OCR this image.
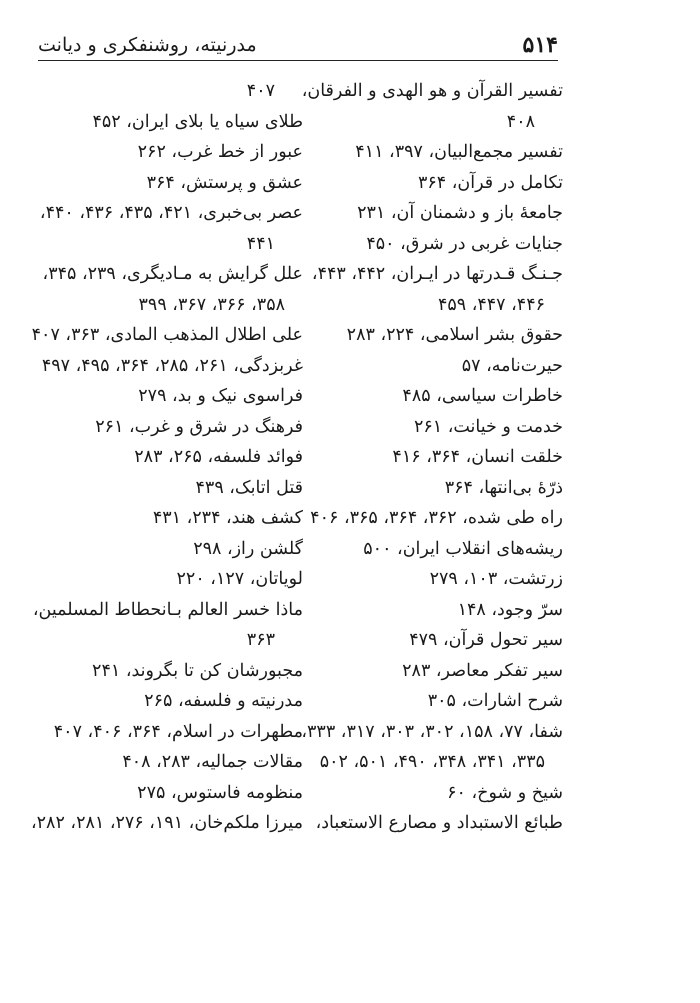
۵۱۴
مدرنیته، روشنفکری و دیانت
تفسیر القرآن و هو الهدی و الفرقان،
۴۰۸
تفسیر مجمع‌البیان، ۳۹۷، ۴۱۱
تکامل در قرآن، ۳۶۴
جامعهٔ باز و دشمنان آن، ۲۳۱
جنایات غربی در شرق، ۴۵۰
جـنـگ قـدرتها در ایـران، ۴۴۲، ۴۴۳،
۴۴۶، ۴۴۷، ۴۵۹
حقوق بشر اسلامی، ۲۲۴، ۲۸۳
حیرت‌نامه، ۵۷
خاطرات سیاسی، ۴۸۵
خدمت و خیانت، ۲۶۱
خلقت انسان، ۳۶۴، ۴۱۶
ذرّهٔ بی‌انتها، ۳۶۴
راه طی شده، ۳۶۲، ۳۶۴، ۳۶۵، ۴۰۶
ریشه‌های انقلاب ایران، ۵۰۰
زرتشت، ۱۰۳، ۲۷۹
سرّ وجود، ۱۴۸
سیر تحول قرآن، ۴۷۹
سیر تفکر معاصر، ۲۸۳
شرح اشارات، ۳۰۵
شفا، ۷۷، ۱۵۸، ۳۰۲، ۳۰۳، ۳۱۷، ۳۳۳،
۳۳۵، ۳۴۱، ۳۴۸، ۴۹۰، ۵۰۱، ۵۰۲
شیخ و شوخ، ۶۰
طبائع الاستبداد و مصارع الاستعباد،
۴۰۷
طلای سیاه یا بلای ایران، ۴۵۲
عبور از خط غرب، ۲۶۲
عشق و پرستش، ۳۶۴
عصر بی‌خبری، ۴۲۱، ۴۳۵، ۴۳۶، ۴۴۰،
۴۴۱
علل گرایش به مـادیگری، ۲۳۹، ۳۴۵،
۳۵۸، ۳۶۶، ۳۶۷، ۳۹۹
علی اطلال المذهب المادی، ۳۶۳، ۴۰۷
غربزدگی، ۲۶۱، ۲۸۵، ۳۶۴، ۴۹۵، ۴۹۷
فراسوی نیک و بد، ۲۷۹
فرهنگ در شرق و غرب، ۲۶۱
فوائد فلسفه، ۲۶۵، ۲۸۳
قتل اتابک، ۴۳۹
کشف هند، ۲۳۴، ۴۳۱
گلشن راز، ۲۹۸
لویاتان، ۱۲۷، ۲۲۰
ماذا خسر العالم بـانحطاط المسلمین،
۳۶۳
مجبورشان کن تا بگروند، ۲۴۱
مدرنیته و فلسفه، ۲۶۵
مطهرات در اسلام، ۳۶۴، ۴۰۶، ۴۰۷
مقالات جمالیه، ۲۸۳، ۴۰۸
منظومه فاستوس، ۲۷۵
میرزا ملکم‌خان، ۱۹۱، ۲۷۶، ۲۸۱، ۲۸۲،
